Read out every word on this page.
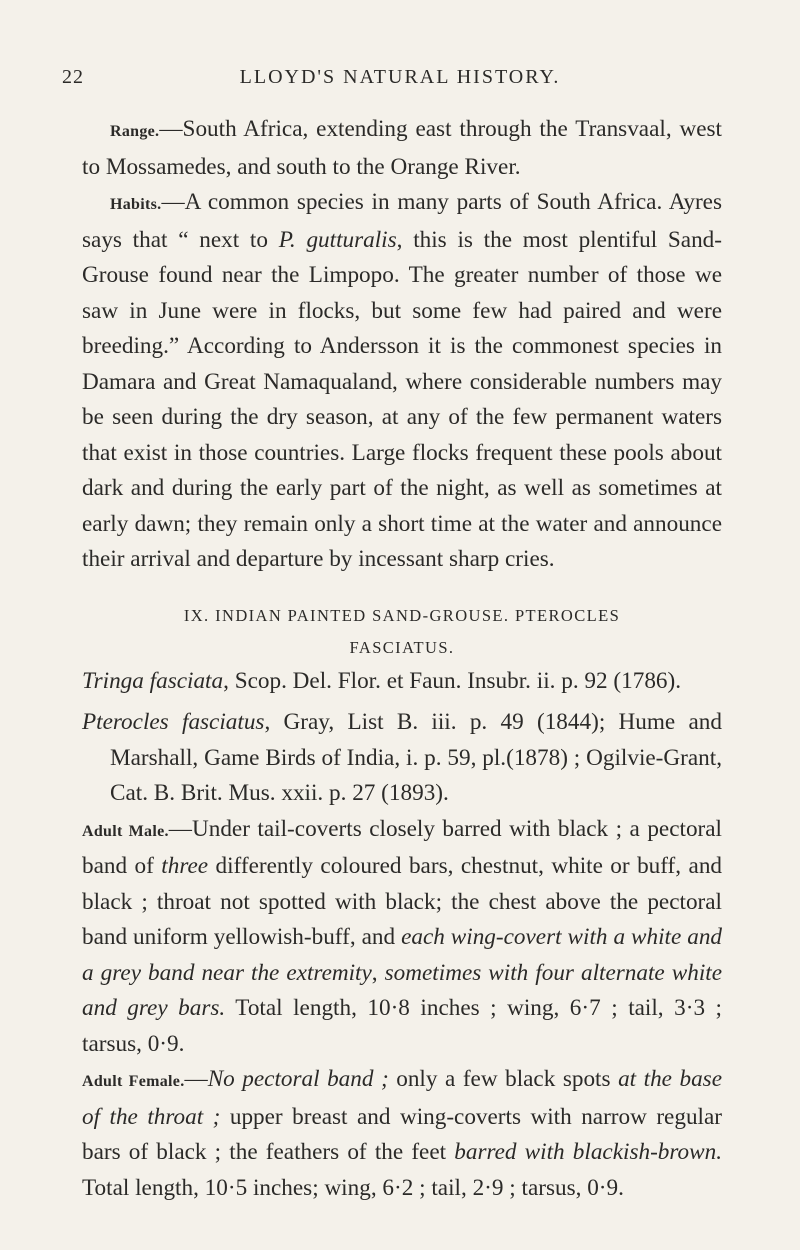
22	LLOYD'S NATURAL HISTORY.

Range.—South Africa, extending east through the Transvaal, west to Mossamedes, and south to the Orange River.

Habits.—A common species in many parts of South Africa. Ayres says that “ next to P. gutturalis, this is the most plentiful Sand-Grouse found near the Limpopo. The greater number of those we saw in June were in flocks, but some few had paired and were breeding.” According to Andersson it is the commonest species in Damara and Great Namaqualand, where considerable numbers may be seen during the dry season, at any of the few permanent waters that exist in those countries. Large flocks frequent these pools about dark and during the early part of the night, as well as sometimes at early dawn; they remain only a short time at the water and announce their arrival and departure by incessant sharp cries.

IX. INDIAN PAINTED SAND-GROUSE. PTEROCLES
FASCIATUS.

Tringa fasciata, Scop. Del. Flor. et Faun. Insubr. ii. p. 92 (1786).

Pterocles fasciatus, Gray, List B. iii. p. 49 (1844); Hume and Marshall, Game Birds of India, i. p. 59, pl.(1878) ; Ogilvie-Grant, Cat. B. Brit. Mus. xxii. p. 27 (1893).

Adult Male.—Under tail-coverts closely barred with black ; a pectoral band of three differently coloured bars, chestnut, white or buff, and black ; throat not spotted with black; the chest above the pectoral band uniform yellowish-buff, and each wing-covert with a white and a grey band near the extremity, sometimes with four alternate white and grey bars. Total length, 10·8 inches ; wing, 6·7 ; tail, 3·3 ; tarsus, 0·9.

Adult Female.—No pectoral band ; only a few black spots at the base of the throat ; upper breast and wing-coverts with narrow regular bars of black ; the feathers of the feet barred with blackish-brown. Total length, 10·5 inches; wing, 6·2 ; tail, 2·9 ; tarsus, 0·9.
